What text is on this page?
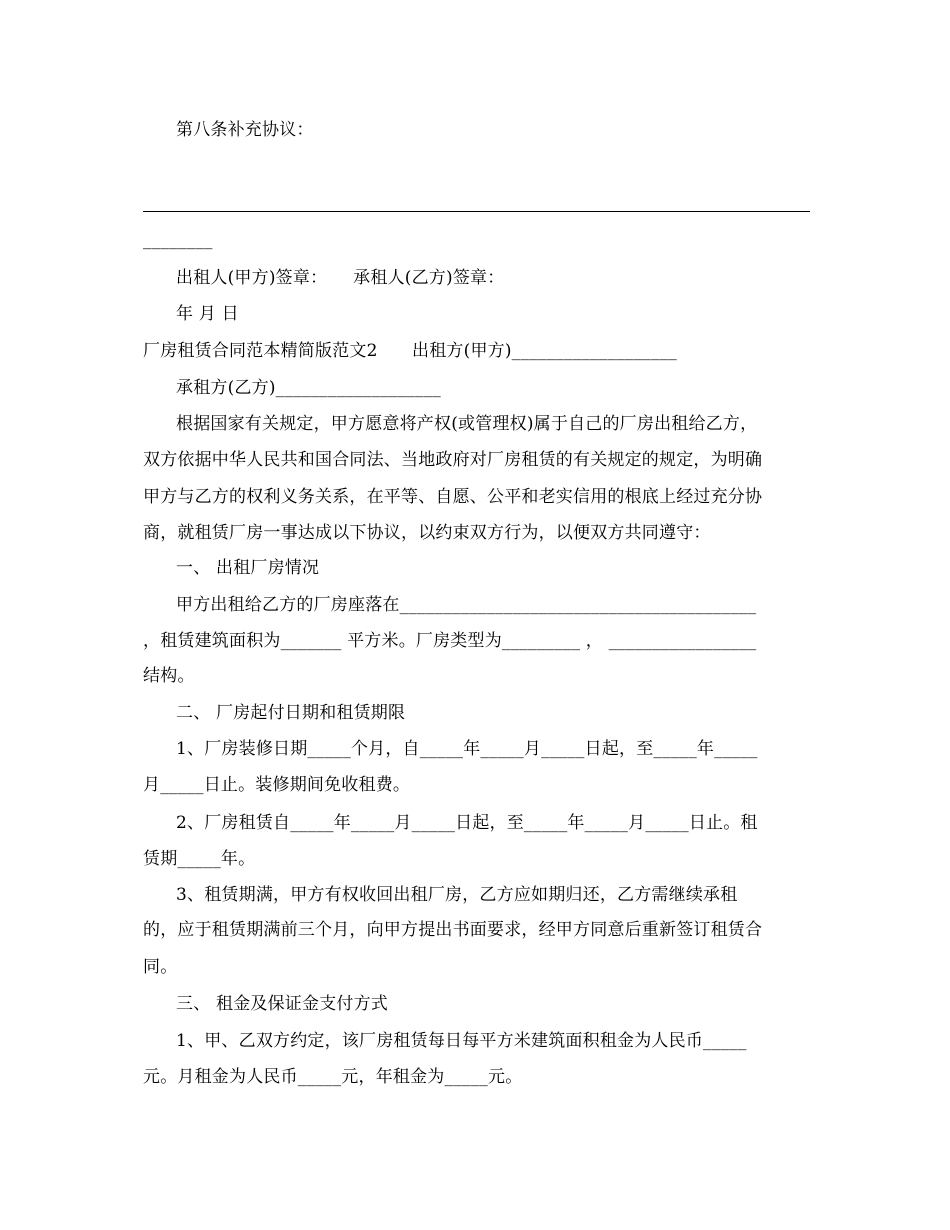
第八条补充协议：

________

出租人(甲方)签章：　　承租人(乙方)签章：

年 月 日

厂房租赁合同范本精简版范文2　　出租方(甲方)___________________

承租方(乙方)___________________

根据国家有关规定，甲方愿意将产权(或管理权)属于自己的厂房出租给乙方，

双方依据中华人民共和国合同法、当地政府对厂房租赁的有关规定的规定，为明确

甲方与乙方的权利义务关系，在平等、自愿、公平和老实信用的根底上经过充分协

商，就租赁厂房一事达成以下协议，以约束双方行为，以便双方共同遵守：

一、 出租厂房情况

甲方出租给乙方的厂房座落在_________________________________________

，租赁建筑面积为_______ 平方米。厂房类型为_________ ， _________________

结构。

二、 厂房起付日期和租赁期限

1、厂房装修日期_____个月，自_____年_____月_____日起，至_____年_____

月_____日止。装修期间免收租费。

2、厂房租赁自_____年_____月_____日起，至_____年_____月_____日止。租

赁期_____年。

3、租赁期满，甲方有权收回出租厂房，乙方应如期归还，乙方需继续承租

的，应于租赁期满前三个月，向甲方提出书面要求，经甲方同意后重新签订租赁合

同。

三、 租金及保证金支付方式

1、甲、乙双方约定，该厂房租赁每日每平方米建筑面积租金为人民币_____

元。月租金为人民币_____元，年租金为_____元。
